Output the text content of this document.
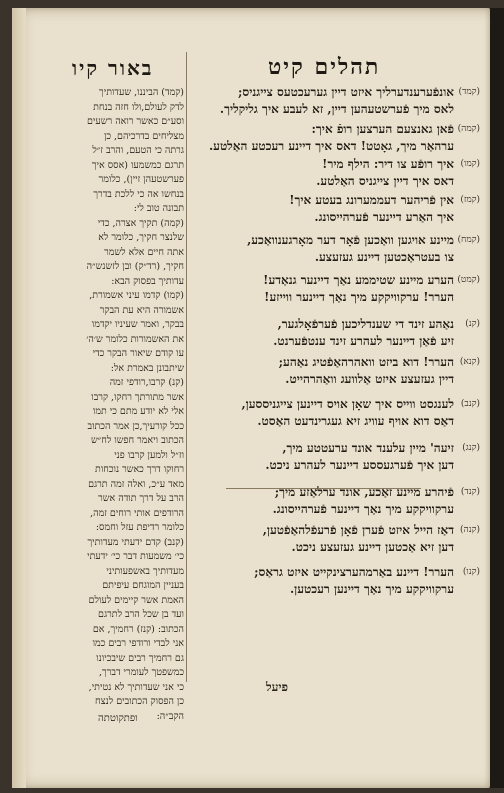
תהלים קיט
באור קיו
(קמד)
אונפֿערענדערליך איזט דיין גערעכטעס צייגניס;
לאס מיך פֿערשטעהען דיין, זא לעבע איך גליקליך.
(קמה)
פֿאן גאנצעם הערצען רופֿ איך:
ערהאַר מיך, גאָטט! דאס איך דיינע רעכטע האַלטע.
(קמו)
איך רופֿע צו דיר: הילף מיר!
דאס איך דיין צייגניס האַלטע.
(קמז)
אין פֿריהער דעממערונג בעטע איך!
איך האַרע דיינער פֿערהייסונג.
(קמח)
מיינע אויגען וואַכען פֿאָר דער מאָרגענוואַכע,
צו בעטראַכטען דיינע געזעצע.
(קמט)
הערע מיינע שטיממע נאַך דיינער גנאַדע!
הערר! ערקוויקקע מיך נאַך דיינער ווייזע!
(קנ)
נאַהע זינד די שענדליכען פֿערפֿאָלגער,
זיע פֿאַן דיינער לעהרע זינד ענטפֿערנט.
(קנא)
הערר! דוא ביזט וואהרהאַפֿטיג נאַהע;
דיין געזעצע איזט אַלוועג וואַהרהייט.
(קנב)
לענגסט ווייס איך שאָן אויס דיינען צייגניססען,
דאַס דוא אויף עוויג זיא געגרינדעט האַסט.
(קנג)
זיעה' מיין עלענד אונד ערעטטע מיך,
דען איך פֿערגעססע דיינער לעהרע ניכט.
(קנד)
פֿיהרע מיינע זאַכע, אונד ערלאַזע מיך;
ערקוויקקע מיך נאַך דיינער פֿערהייסונג.
(קנה)
דאַז הייל איזט פֿערן פֿאָן פֿרעפֿלהאַפֿטען,
דען זיא אַכטען דיינע געזעצע ניכט.
(קנו)
הערר! דיינע באַרמהערצינקייט איזט גראַס;
ערקוויקקע מיך נאַך דיינען רעכטען.
(קמד) הביננו, שעדותיך
לדק לעולם,ולו חזה בנחת
וסע״ם כאשר רואה רשעים
מצליחים בדרכיהם, כן
גרתה כי הטעם, והרב ז״ל
תרגם כמשמעו (אסס איך
פערשטעהן זיין), כלומר
בנחשו אה כי ללכת בדרך
תבונה טוב לי:
(קמה) תקיך אצרה, כדי
שלנצר חקיך, כלומר לא
אתה חיים אלא לשמר
חקיך, (רד״ק) ובן לזשנש״ה
עדותיך בפסוק הבא:
(קמו) קדמו עיני אשמורת,
אשמורה היא עת הבקר
בבקר, ואמר שעיניו יקדמו
את האשמורות כלומר ש׳ה׳
עו קודם שיאור הבקר כדי
שיתבונן באמרת אל:
(קנ) קרבו,רודפי זמה
אשר מתורתך רחקו, קרבו
אלי לא יודע מתם כי תמו
ככל קורעיך,כן אמר הכתוב
הכתוב ויאמר חפשו לח״ש
וז״ל ולמען קרבו פני
רחוקו דרך כאשר נוכחות
מאד ע״כ, ואלה זמה תרגם
הרב על דרך תודה אשר
הרודפים אותי רוחים זמה,
כלומר רדיפת עזל וחמס:
(קנב) קדם ידעתי מעדותיך
כי׳ משמעות דבר כי׳ ידעתי
מעדותיך באשפעותיני
בעניין המוגחם עיפיתם
האמת אשר קיימים לעולם
ועד בן שכל הרב לתרגם
הכתוב: (קנז) רחמיך, אם
אני לבדי ורודפי רבים כמו
גם רחמיך רבים שיבכיונו
כמשפטך לעומרי דברך,
כי אני שעדותיך לא נטיתי,
כן הפסוק הכתובים לנצח
הקב״ה:
פיעל
ופתקוטתה
